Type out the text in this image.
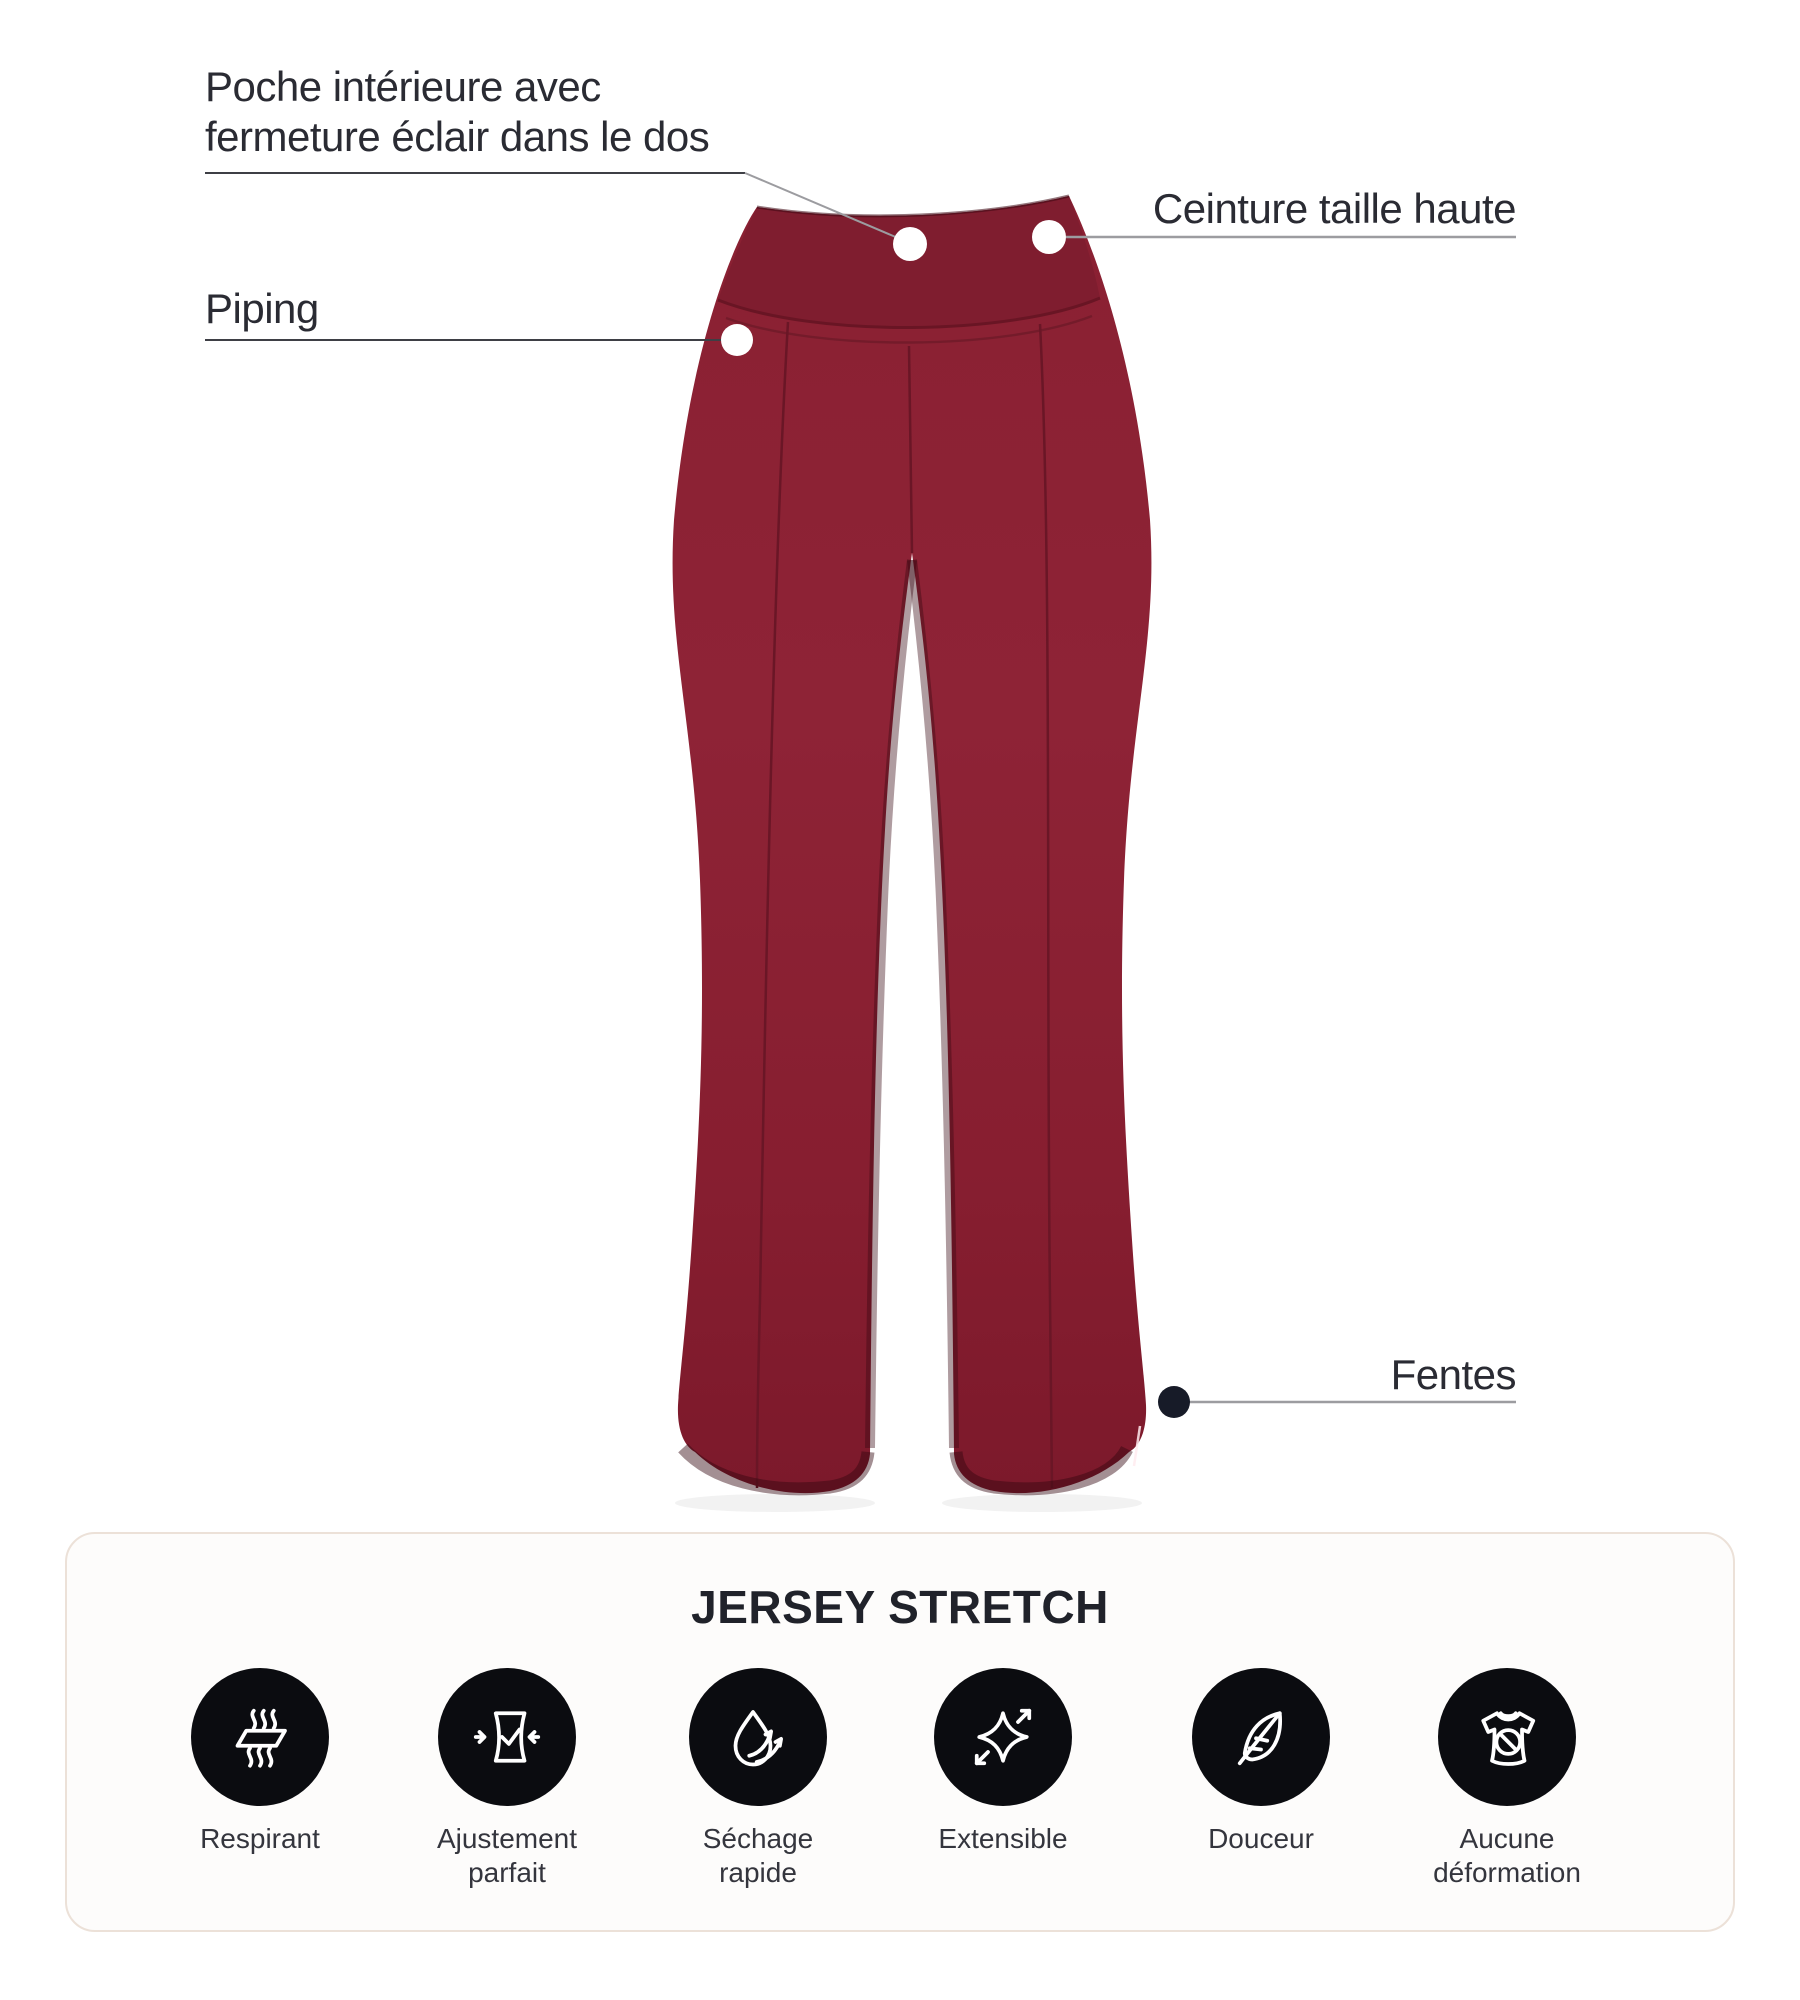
Poche intérieure avec
fermeture éclair dans le dos
Ceinture taille haute
Piping
Fentes
JERSEY STRETCH
Respirant	Ajustement parfait
Séchage rapide
Extensible	Douceur	Aucune déformation
